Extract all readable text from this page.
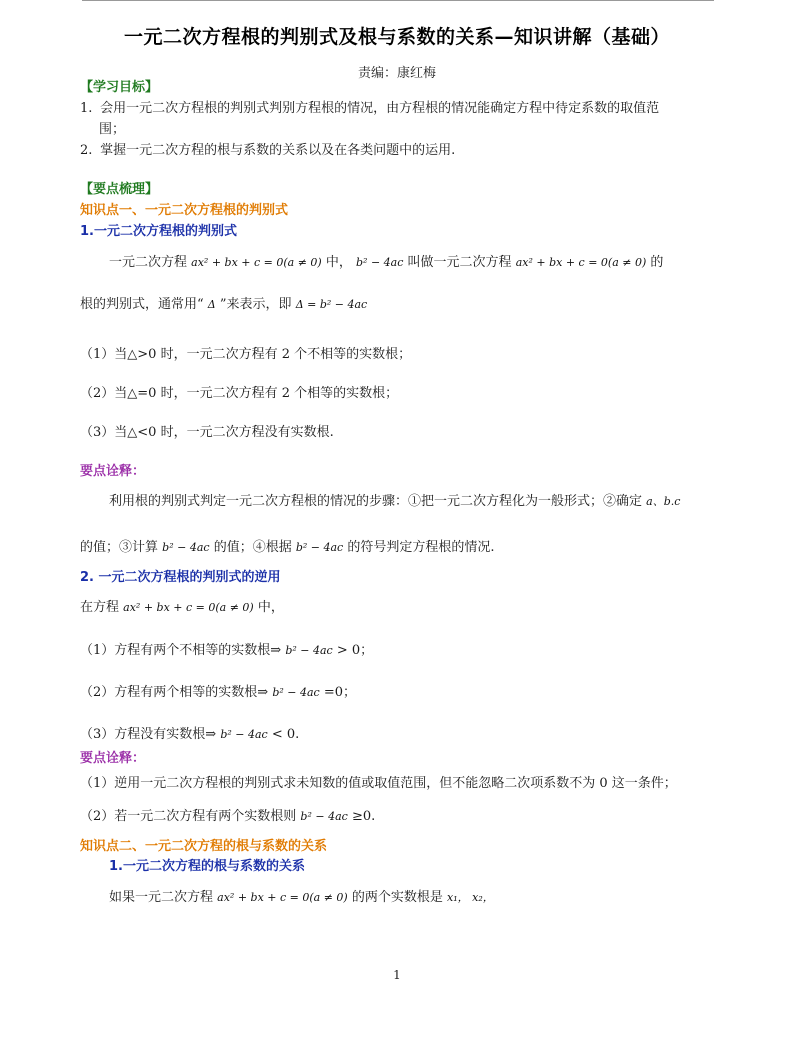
一元二次方程根的判别式及根与系数的关系—知识讲解（基础）
责编：康红梅
【学习目标】
1. 会用一元二次方程根的判别式判别方程根的情况，由方程根的情况能确定方程中待定系数的取值范
围；
2. 掌握一元二次方程的根与系数的关系以及在各类问题中的运用.
【要点梳理】
知识点一、一元二次方程根的判别式
1.一元二次方程根的判别式
一元二次方程 ax² + bx + c = 0(a ≠ 0) 中， b² − 4ac 叫做一元二次方程 ax² + bx + c = 0(a ≠ 0) 的
根的判别式，通常用“ Δ ”来表示，即 Δ = b² − 4ac
（1）当△>0 时，一元二次方程有 2 个不相等的实数根；
（2）当△=0 时，一元二次方程有 2 个相等的实数根；
（3）当△<0 时，一元二次方程没有实数根.
要点诠释：
利用根的判别式判定一元二次方程根的情况的步骤：①把一元二次方程化为一般形式；②确定 a、b.c
的值；③计算 b² − 4ac 的值；④根据 b² − 4ac 的符号判定方程根的情况.
2. 一元二次方程根的判别式的逆用
在方程 ax² + bx + c = 0(a ≠ 0) 中，
（1）方程有两个不相等的实数根⇒ b² − 4ac > 0；
（2）方程有两个相等的实数根⇒ b² − 4ac =0；
（3）方程没有实数根⇒ b² − 4ac < 0.
要点诠释：
（1）逆用一元二次方程根的判别式求未知数的值或取值范围，但不能忽略二次项系数不为 0 这一条件；
（2）若一元二次方程有两个实数根则 b² − 4ac ≥0.
知识点二、一元二次方程的根与系数的关系
1.一元二次方程的根与系数的关系
如果一元二次方程 ax² + bx + c = 0(a ≠ 0) 的两个实数根是 x₁， x₂，
1
